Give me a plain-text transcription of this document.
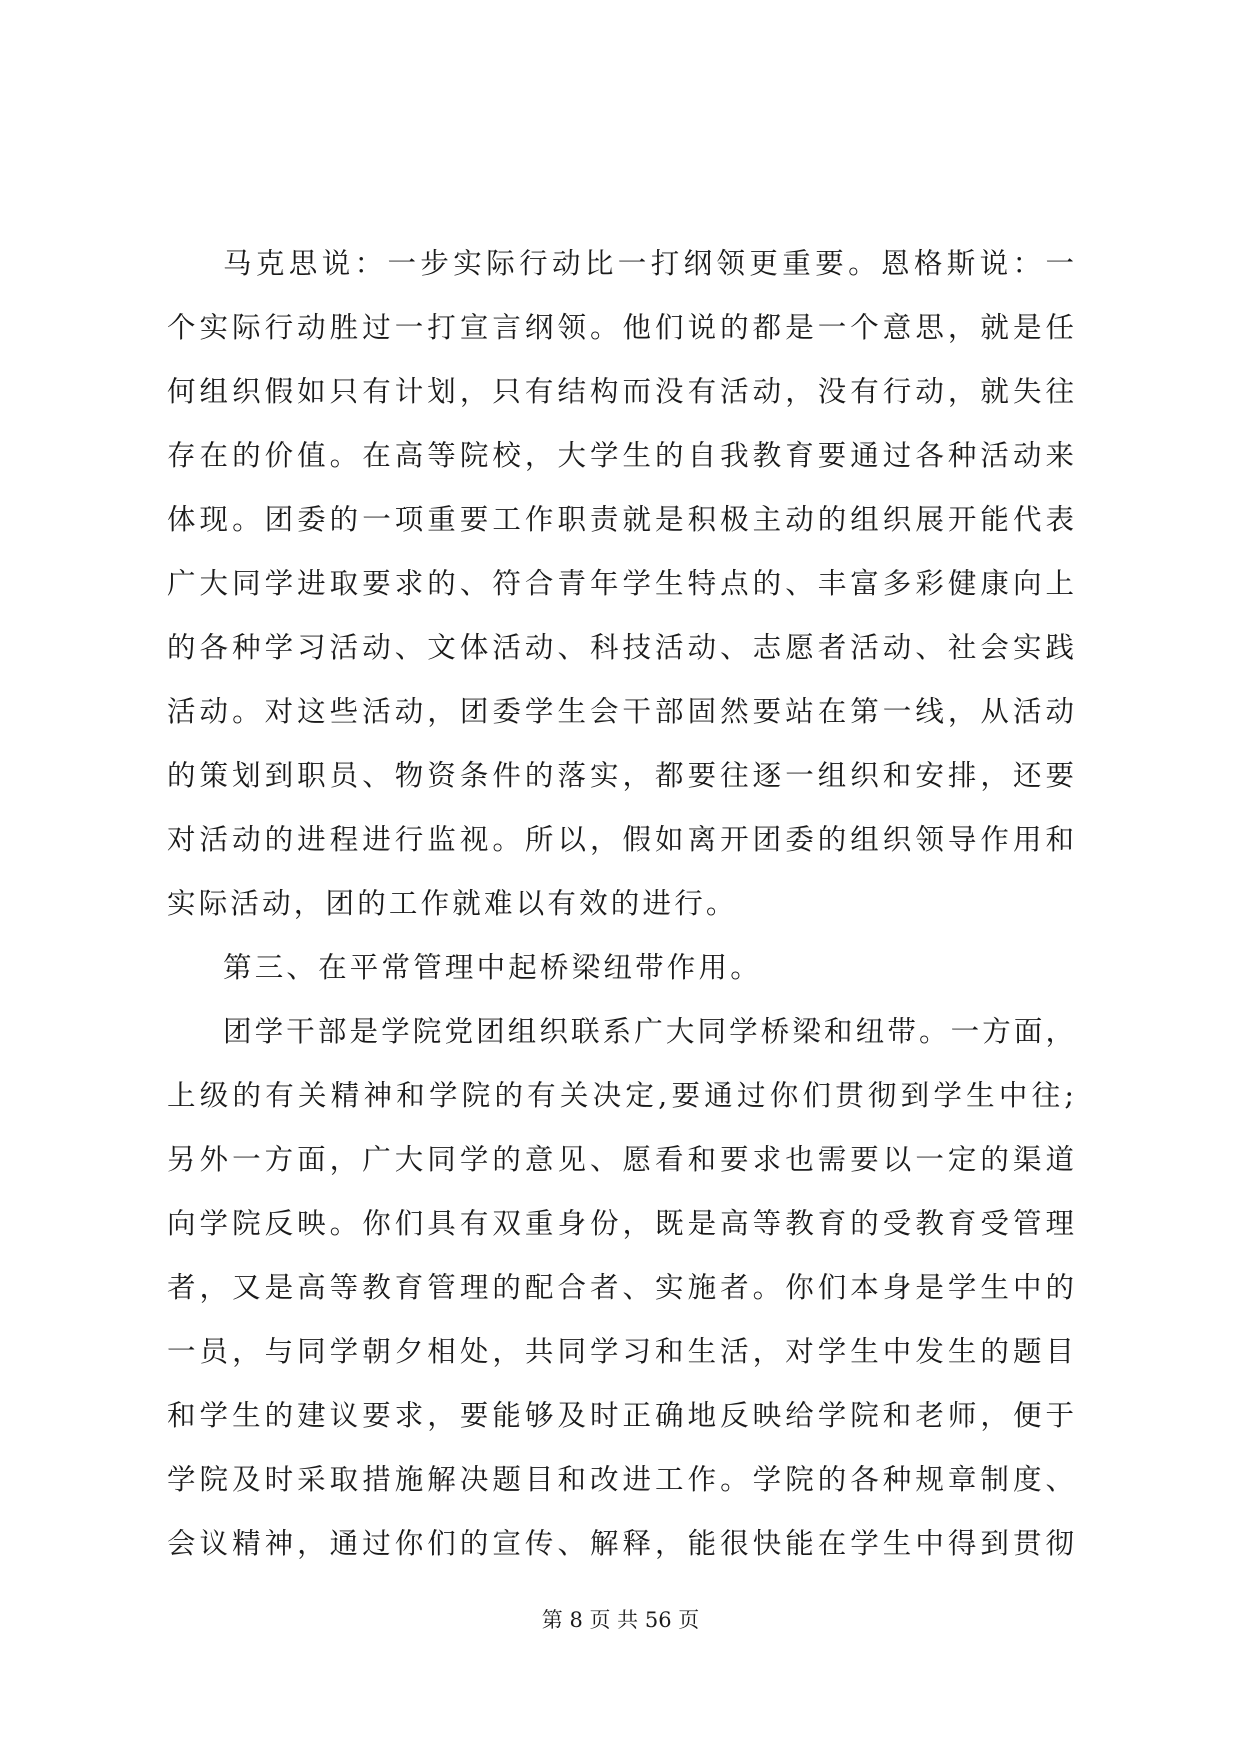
马克思说：一步实际行动比一打纲领更重要。恩格斯说：一
个实际行动胜过一打宣言纲领。他们说的都是一个意思，就是任
何组织假如只有计划，只有结构而没有活动，没有行动，就失往
存在的价值。在高等院校，大学生的自我教育要通过各种活动来
体现。团委的一项重要工作职责就是积极主动的组织展开能代表
广大同学进取要求的、符合青年学生特点的、丰富多彩健康向上
的各种学习活动、文体活动、科技活动、志愿者活动、社会实践
活动。对这些活动，团委学生会干部固然要站在第一线，从活动
的策划到职员、物资条件的落实，都要往逐一组织和安排，还要
对活动的进程进行监视。所以，假如离开团委的组织领导作用和
实际活动，团的工作就难以有效的进行。
第三、在平常管理中起桥梁纽带作用。
团学干部是学院党团组织联系广大同学桥梁和纽带。一方面，
上级的有关精神和学院的有关决定,要通过你们贯彻到学生中往;
另外一方面，广大同学的意见、愿看和要求也需要以一定的渠道
向学院反映。你们具有双重身份，既是高等教育的受教育受管理
者，又是高等教育管理的配合者、实施者。你们本身是学生中的
一员，与同学朝夕相处，共同学习和生活，对学生中发生的题目
和学生的建议要求，要能够及时正确地反映给学院和老师，便于
学院及时采取措施解决题目和改进工作。学院的各种规章制度、
会议精神，通过你们的宣传、解释，能很快能在学生中得到贯彻
第 8 页 共 56 页
